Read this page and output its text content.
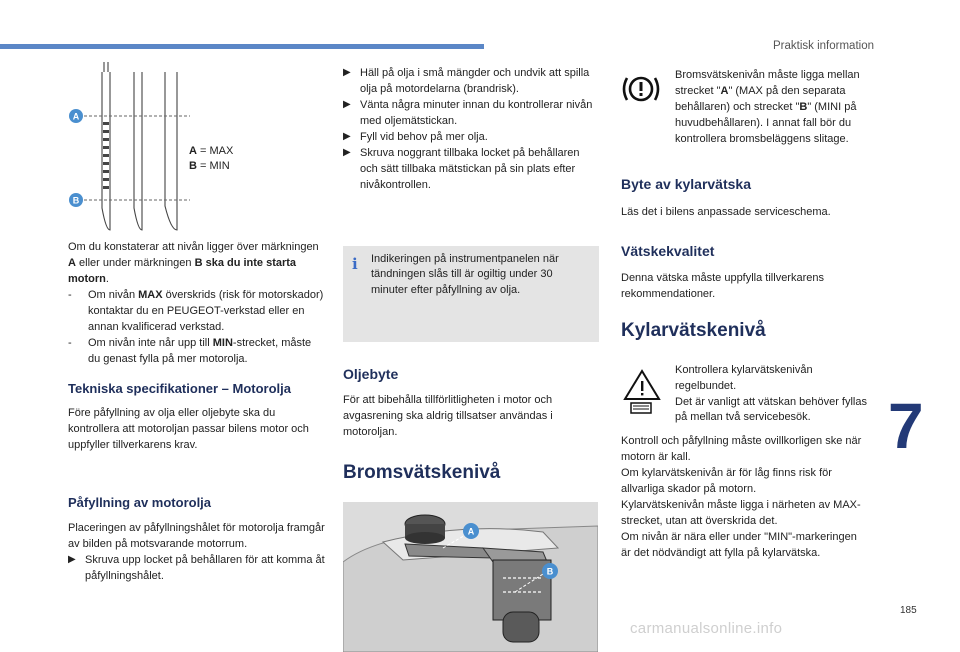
Praktisk information
7
185
carmanualsonline.info
A
B
A = MAX
B = MIN

Om du konstaterar att nivån ligger över märkningen A eller under märkningen B ska du inte starta motorn.

-	Om nivån MAX överskrids (risk för motorskador) kontaktar du en PEUGEOT-verkstad eller en annan kvalificerad verkstad.
-	Om nivån inte når upp till MIN-strecket, måste du genast fylla på mer motorolja.
Tekniska specifikationer – Motorolja

Före påfyllning av olja eller oljebyte ska du kontrollera att motoroljan passar bilens motor och uppfyller tillverkarens krav.

Påfyllning av motorolja

Placeringen av påfyllningshålet för motorolja framgår av bilden på motsvarande motorrum.

▶ Skruva upp locket på behållaren för att komma åt påfyllningshålet.
▶ Häll på olja i små mängder och undvik att spilla olja på motordelarna (brandrisk).
▶ Vänta några minuter innan du kontrollerar nivån med oljemätstickan.
▶ Fyll vid behov på mer olja.
▶ Skruva noggrant tillbaka locket på behållaren och sätt tillbaka mätstickan på sin plats efter nivåkontrollen.
i Indikeringen på instrumentpanelen när tändningen slås till är ogiltig under 30 minuter efter påfyllning av olja.

Oljebyte

För att bibehålla tillförlitligheten i motor och avgasrening ska aldrig tillsatser användas i motoroljan.

Bromsvätskenivå
A
B

Bromsvätskenivån måste ligga mellan strecket "A" (MAX på den separata behållaren) och strecket "B" (MINI på huvudbehållaren). I annat fall bör du kontrollera bromsbeläggens slitage.

Byte av kylarvätska

Läs det i bilens anpassade serviceschema.

Vätskekvalitet

Denna vätska måste uppfylla tillverkarens rekommendationer.

Kylarvätskenivå

Kontrollera kylarvätskenivån regelbundet.
Det är vanligt att vätskan behöver fyllas på mellan två servicebesök.

Kontroll och påfyllning måste ovillkorligen ske när motorn är kall.

Om kylarvätskenivån är för låg finns risk för allvarliga skador på motorn.

Kylarvätskenivån måste ligga i närheten av MAX-strecket, utan att överskrida det.

Om nivån är nära eller under "MIN"-markeringen är det nödvändigt att fylla på kylarvätska.
